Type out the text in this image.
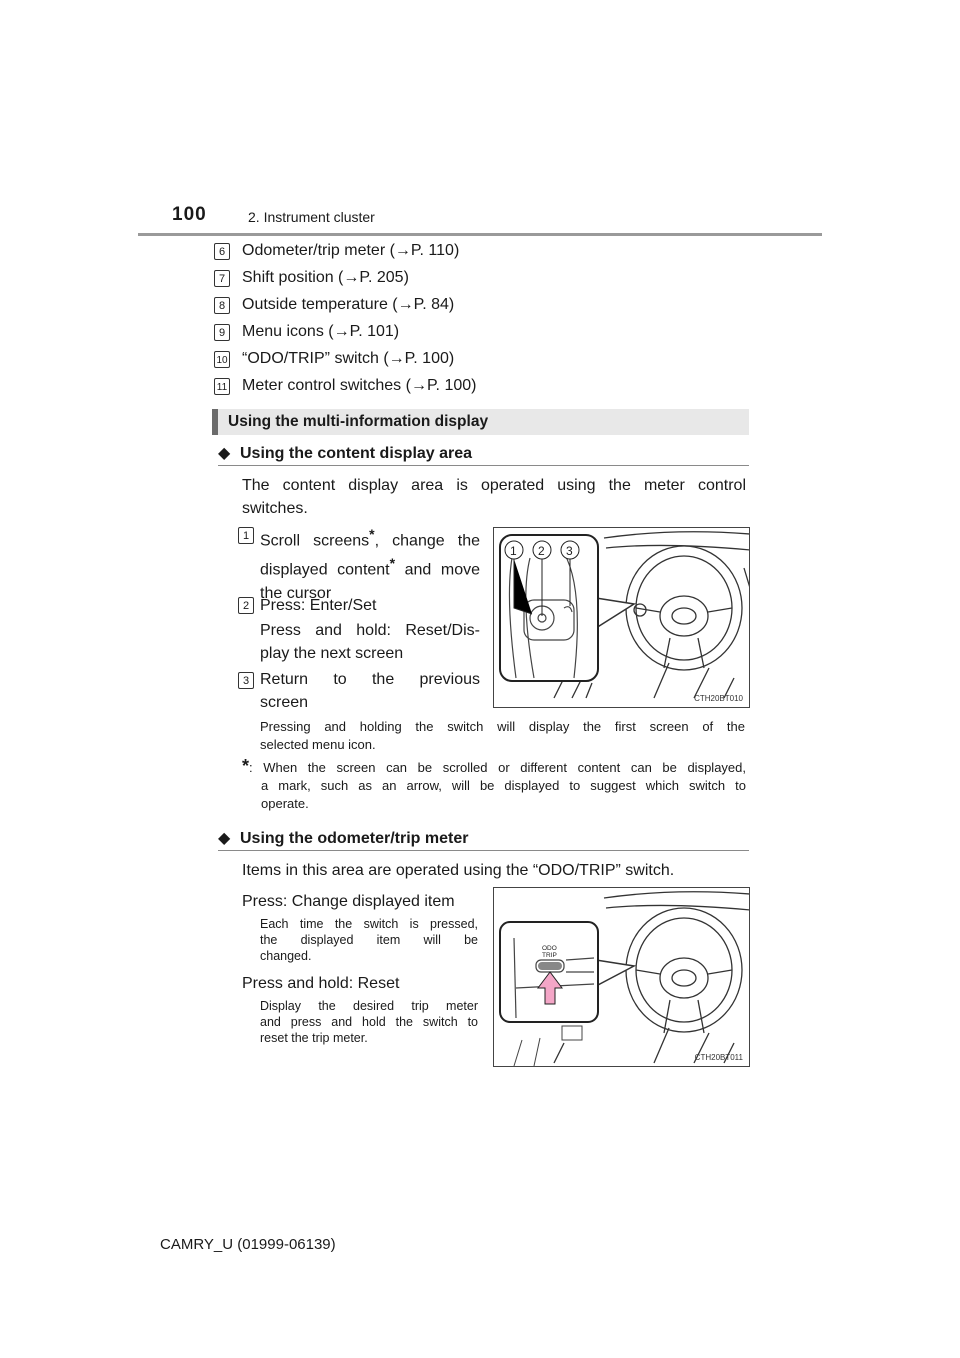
100	2. Instrument cluster
6	Odometer/trip meter (→P. 110)
7	Shift position (→P. 205)
8	Outside temperature (→P. 84)
9	Menu icons (→P. 101)
10 “ODO/TRIP” switch (→P. 100)
11 Meter control switches (→P. 100)
Using the multi-information display
◆ Using the content display area
The content display area is operated using the meter control
switches.
1 Scroll screens*, change the
displayed content* and move
the cursor
2 Press: Enter/Set
Press and hold: Reset/Dis-
play the next screen
3 Return to the previous
screen
1 2 3
CTH20BT010
Pressing and holding the switch will display the first screen of the
selected menu icon.
*: When the screen can be scrolled or different content can be displayed,
a mark, such as an arrow, will be displayed to suggest which switch to
operate.
◆ Using the odometer/trip meter
Items in this area are operated using the “ODO/TRIP” switch.
Press: Change displayed item
Each time the switch is pressed,
the displayed item will be
changed.
Press and hold: Reset
Display the desired trip meter
and press and hold the switch to
reset the trip meter.
ODO
TRIP
CTH20BT011
CAMRY_U (01999-06139)
